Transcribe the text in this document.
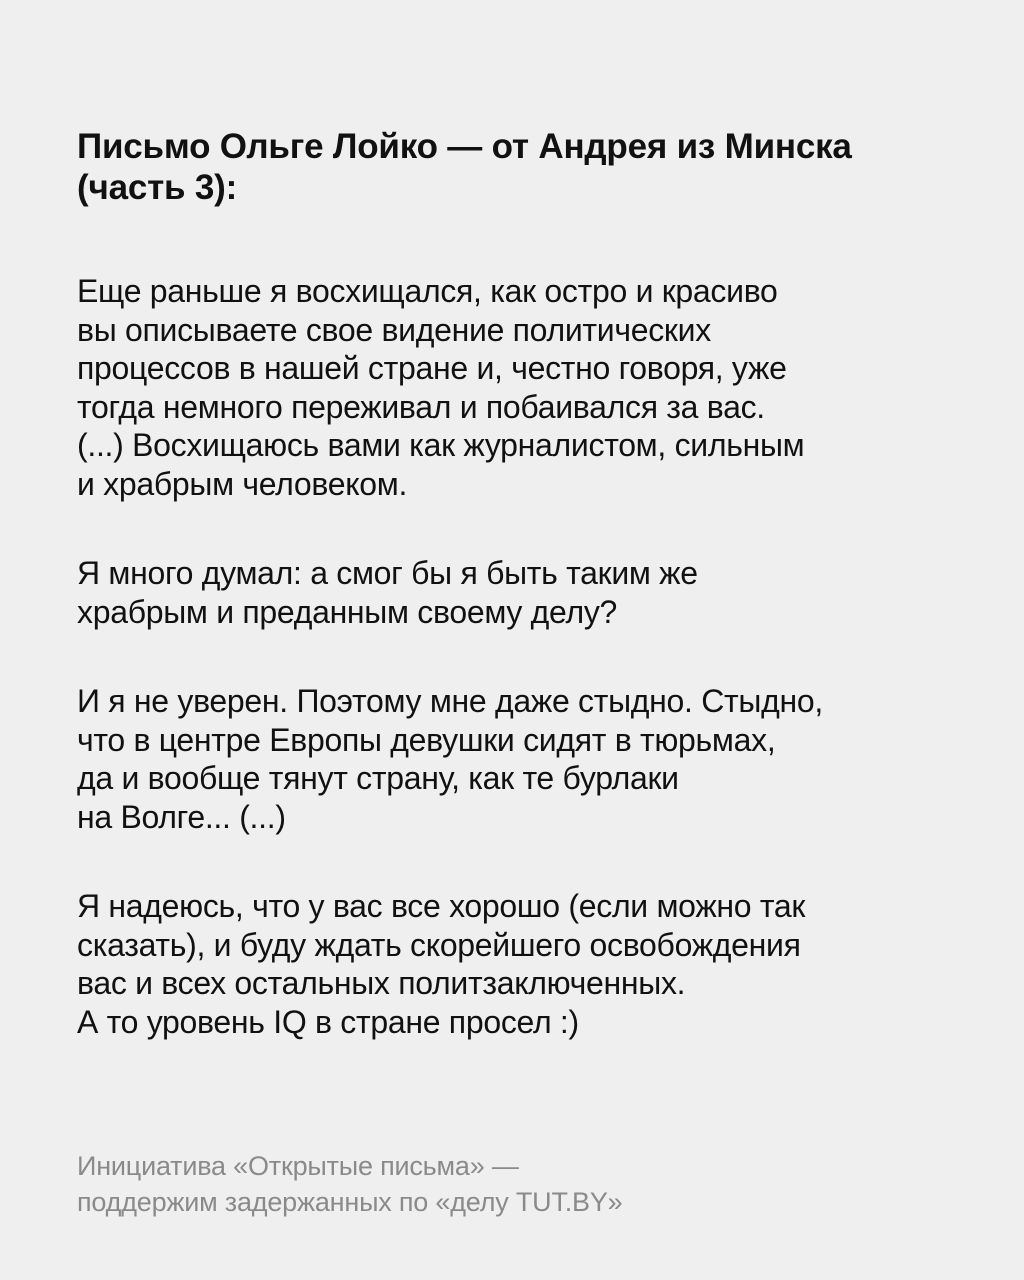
Письмо Ольге Лойко — от Андрея из Минска
(часть 3):

Еще раньше я восхищался, как остро и красиво
вы описываете свое видение политических
процессов в нашей стране и, честно говоря, уже
тогда немного переживал и побаивался за вас.
(...) Восхищаюсь вами как журналистом, сильным
и храбрым человеком.

Я много думал: а смог бы я быть таким же
храбрым и преданным своему делу?

И я не уверен. Поэтому мне даже стыдно. Стыдно,
что в центре Европы девушки сидят в тюрьмах,
да и вообще тянут страну, как те бурлаки
на Волге... (...)

Я надеюсь, что у вас все хорошо (если можно так
сказать), и буду ждать скорейшего освобождения
вас и всех остальных политзаключенных.
А то уровень IQ в стране просел :)

Инициатива «Открытые письма» —
поддержим задержанных по «делу TUT.BY»
